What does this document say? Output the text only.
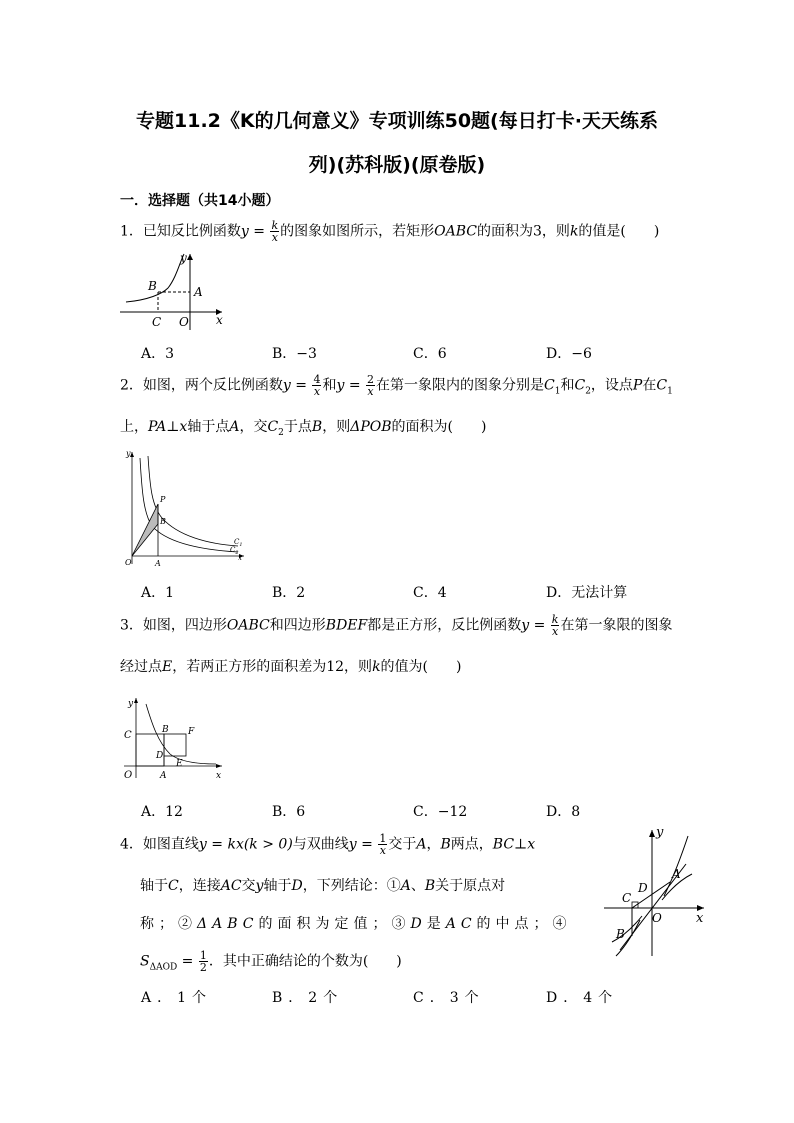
专题11.2《K的几何意义》专项训练50题(每日打卡·天天练系
列)(苏科版)(原卷版)
一．选择题（共14小题）
1．已知反比例函数$y = \frac{k}{x}$ 的图象如图所示，若矩形OABC的面积为3，则k的值是(　　)
y
x
A
B
C O
A．3	B．−3	C．6	D．−6
2．如图，两个反比例函数$y = \frac{4}{x}$ 和$y = \frac{2}{x}$ 在第一象限内的图象分别是$C_1$和$C_2$，设点P在$C_1$
上，PA⊥x轴于点A，交$C_2$于点B，则ΔPOB的面积为(　　)
y
x
P
B
O	A
$C_1$
$C_2$
A．1	B．2	C．4	D．无法计算
3．如图，四边形OABC和四边形BDEF都是正方形，反比例函数$y = \frac{k}{x}$ 在第一象限的图象
经过点E，若两正方形的面积差为12，则k的值为(　　)
y
x
C	B F
D
E
O	A
A．12	B．6	C．−12	D．8
4．如图直线y = kx(k > 0)与双曲线$y = \frac{1}{x}$ 交于A，B两点，BC⊥x
轴于C，连接AC交y轴于D，下列结论：①A、B关于原点对
称；②ΔABC的面积为定值；③D是AC的中点；④
$S_{\Delta AOD} = \frac{1}{2}$ ．其中正确结论的个数为(　　)
y
x
A
B
C
D
O
A．1个	B．2个	C．3个	D．4个
